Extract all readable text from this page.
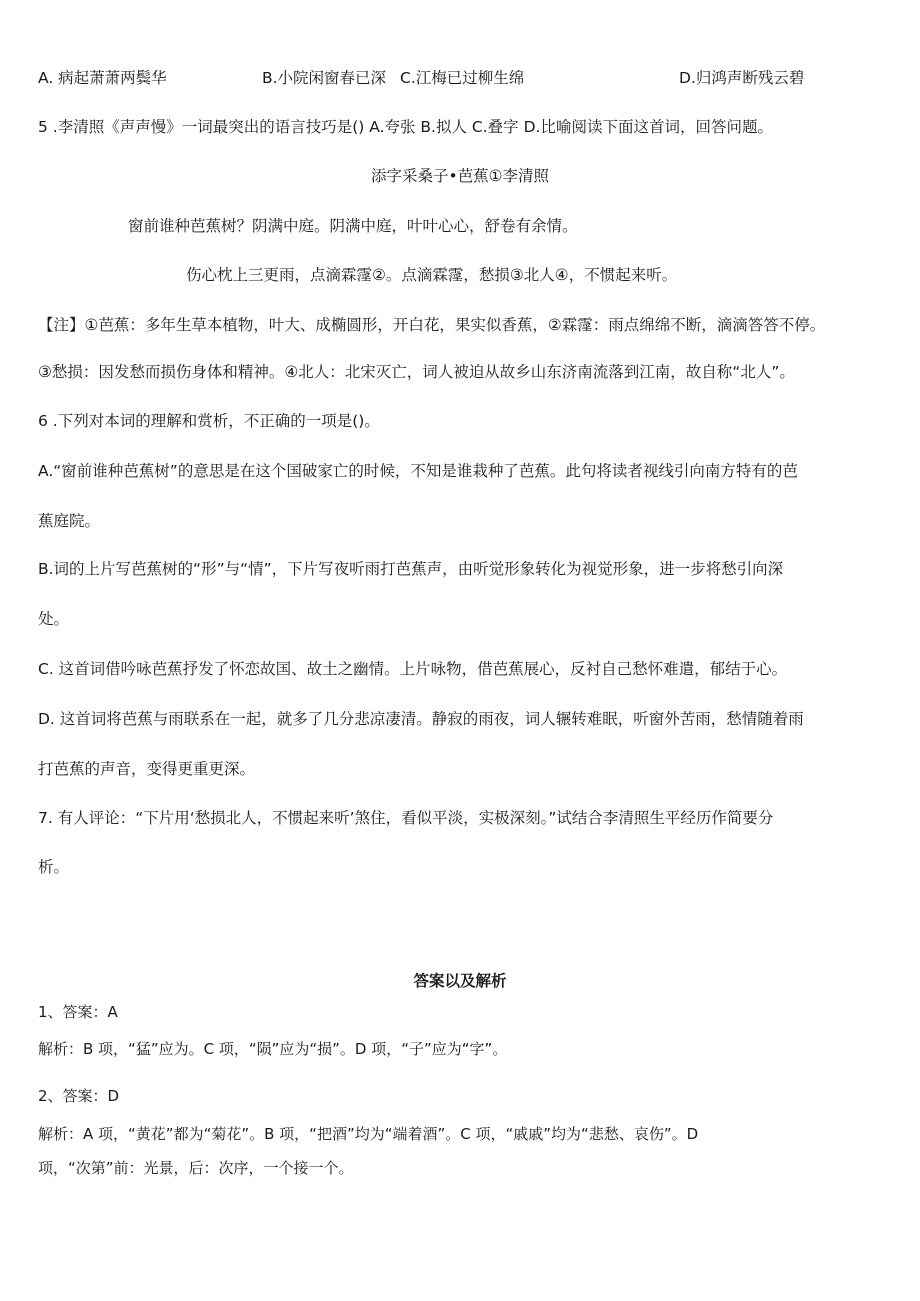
A. 病起萧萧两鬓华	B.小院闲窗春已深 C.江梅已过柳生绵	D.归鸿声断残云碧
5 .李清照《声声慢》一词最突出的语言技巧是() A.夸张 B.拟人 C.叠字 D.比喻阅读下面这首词，回答问题。
添字采桑子•芭蕉①李清照
窗前谁种芭蕉树？阴满中庭。阴满中庭，叶叶心心，舒卷有余情。
伤心枕上三更雨，点滴霖霪②。点滴霖霪，愁损③北人④，不惯起来听。
【注】①芭蕉：多年生草本植物，叶大、成椭圆形，开白花，果实似香蕉，②霖霪：雨点绵绵不断，滴滴答答不停。
③愁损：因发愁而损伤身体和精神。④北人：北宋灭亡，词人被迫从故乡山东济南流落到江南，故自称“北人”。
6 .下列对本词的理解和赏析，不正确的一项是()。
A.“窗前谁种芭蕉树”的意思是在这个国破家亡的时候，不知是谁栽种了芭蕉。此句将读者视线引向南方特有的芭
蕉庭院。
B.词的上片写芭蕉树的“形”与“情”，下片写夜听雨打芭蕉声，由听觉形象转化为视觉形象，进一步将愁引向深
处。
C. 这首词借吟咏芭蕉抒发了怀恋故国、故土之幽情。上片咏物，借芭蕉展心，反衬自己愁怀难遣，郁结于心。
D. 这首词将芭蕉与雨联系在一起，就多了几分悲凉凄清。静寂的雨夜，词人辗转难眠，听窗外苦雨，愁情随着雨
打芭蕉的声音，变得更重更深。
7. 有人评论：“下片用‘愁损北人，不惯起来听’煞住，看似平淡，实极深刻。”试结合李清照生平经历作简要分
析。
答案以及解析
1、答案：A
解析：B 项，“猛”应为。C 项，“陨”应为“损”。D 项，“子”应为“字”。
2、答案：D
解析：A 项，“黄花”都为“菊花”。B 项，“把酒”均为“端着酒”。C 项，“戚戚”均为“悲愁、哀伤”。D
项，“次第”前：光景，后：次序，一个接一个。
